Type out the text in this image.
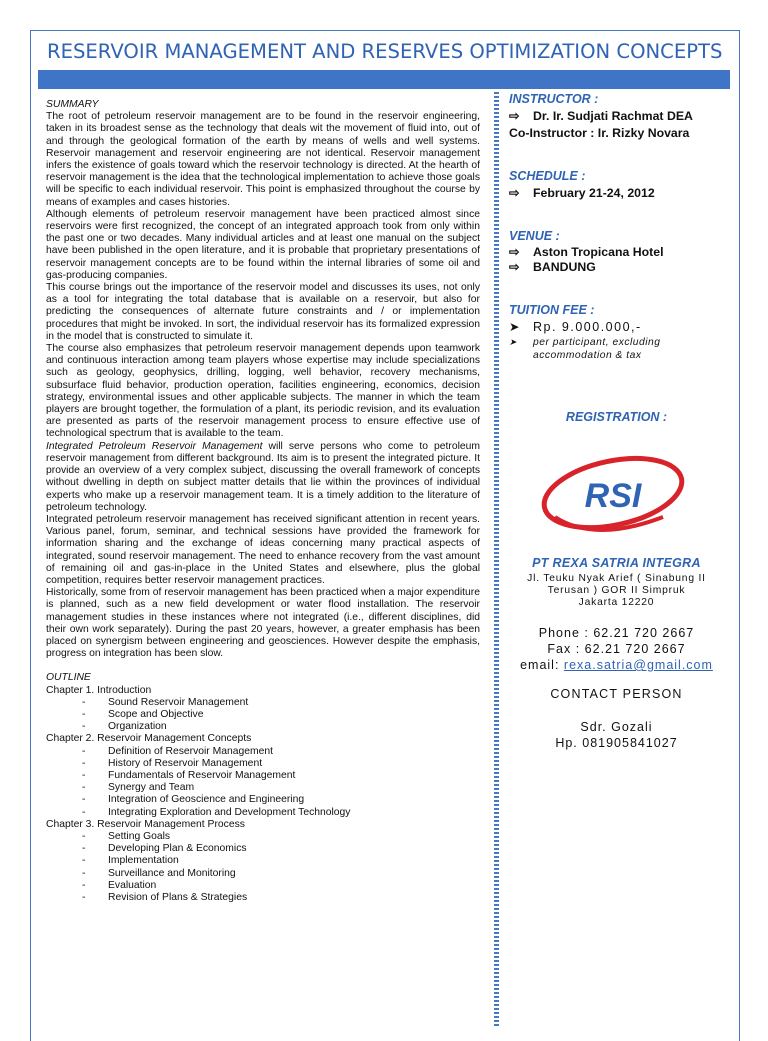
RESERVOIR MANAGEMENT AND RESERVES OPTIMIZATION CONCEPTS

SUMMARY

The root of petroleum reservoir management are to be found in the reservoir engineering, taken in its broadest sense as the technology that deals wit the movement of fluid into, out of and through the geological formation of the earth by means of wells and well systems. Reservoir management and reservoir engineering are not identical. Reservoir management infers the existence of goals toward which the reservoir technology is directed. At the hearth of reservoir management is the idea that the technological implementation to achieve those goals will be specific to each individual reservoir. This point is emphasized throughout the course by means of examples and cases histories.

Although elements of petroleum reservoir management have been practiced almost since reservoirs were first recognized, the concept of an integrated approach took from only within the past one or two decades. Many individual articles and at least one manual on the subject have been published in the open literature, and it is probable that proprietary presentations of reservoir management concepts are to be found within the internal libraries of some oil and gas-producing companies.

This course brings out the importance of the reservoir model and discusses its uses, not only as a tool for integrating the total database that is available on a reservoir, but also for predicting the consequences of alternate future constraints and / or implementation procedures that might be invoked. In sort, the individual reservoir has its formalized expression in the model that is constructed to simulate it.

The course also emphasizes that petroleum reservoir management depends upon teamwork and continuous interaction among team players whose expertise may include specializations such as geology, geophysics, drilling, logging, well behavior, recovery mechanisms, subsurface fluid behavior, production operation, facilities engineering, economics, decision strategy, environmental issues and other applicable subjects. The manner in which the team players are brought together, the formulation of a plant, its periodic revision, and its evaluation are presented as parts of the reservoir management process to ensure effective use of technological spectrum that is available to the team.

Integrated Petroleum Reservoir Management will serve persons who come to petroleum reservoir management from different background. Its aim is to present the integrated picture. It provide an overview of a very complex subject, discussing the overall framework of concepts without dwelling in depth on subject matter details that lie within the provinces of individual experts who make up a reservoir management team. It is a timely addition to the literature of petroleum technology.

Integrated petroleum reservoir management has received significant attention in recent years. Various panel, forum, seminar, and technical sessions have provided the framework for information sharing and the exchange of ideas concerning many practical aspects of integrated, sound reservoir management. The need to enhance recovery from the vast amount of remaining oil and gas-in-place in the United States and elsewhere, plus the global competition, requires better reservoir management practices.

Historically, some from of reservoir management has been practiced when a major expenditure is planned, such as a new field development or water flood installation. The reservoir management studies in these instances where not integrated (i.e., different disciplines, did their own work separately). During the past 20 years, however, a greater emphasis has been placed on synergism between engineering and geosciences. However despite the emphasis, progress on integration has been slow.

OUTLINE

Chapter 1. Introduction

-	Sound Reservoir Management
-	Scope and Objective
-	Organization

Chapter 2. Reservoir Management Concepts

-	Definition of Reservoir Management
-	History of Reservoir Management
-	Fundamentals of Reservoir Management
-	Synergy and Team
-	Integration of Geoscience and Engineering
-	Integrating Exploration and Development Technology

Chapter 3. Reservoir Management Process

-	Setting Goals
-	Developing Plan & Economics
-	Implementation
-	Surveillance and Monitoring
-	Evaluation
-	Revision of Plans & Strategies
INSTRUCTOR :
⇨ Dr. Ir. Sudjati Rachmat DEA
Co-Instructor : Ir. Rizky Novara
SCHEDULE :
⇨ February 21-24, 2012
VENUE :
⇨ Aston Tropicana Hotel
⇨ BANDUNG
TUITION FEE :
➤ Rp. 9.000.000,-
➤ per participant, excluding
accommodation & tax
REGISTRATION :
RSI
PT REXA SATRIA INTEGRA
Jl. Teuku Nyak Arief ( Sinabung II
Terusan ) GOR II Simpruk
Jakarta 12220
Phone : 62.21 720 2667
Fax : 62.21 720 2667
email: rexa.satria@gmail.com
CONTACT PERSON
Sdr. Gozali
Hp. 081905841027
